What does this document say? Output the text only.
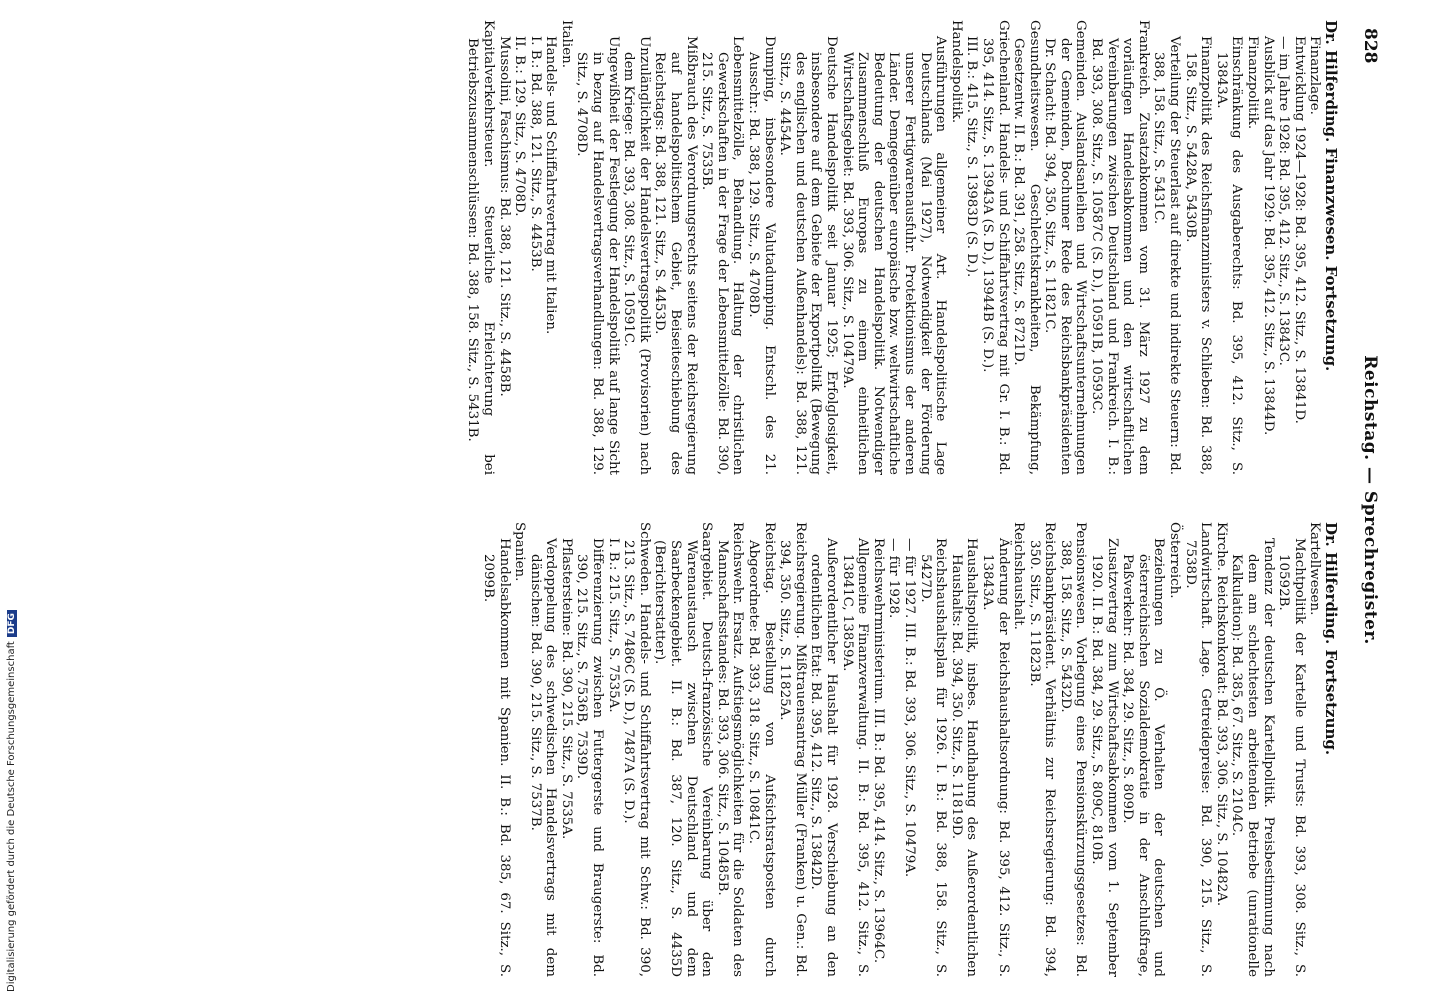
828
Reichstag. — Sprechregister.

Dr. Hilferding. Finanzwesen. Fortsetzung.

Finanzlage.

Entwicklung 1924—1928: Bd. 395, 412. Sitz., S. 13841D.

— im Jahre 1928: Bd. 395, 412. Sitz., S. 13843C.

Ausblick auf das Jahr 1929: Bd. 395, 412. Sitz., S. 13844D.

Finanzpolitik.

Einschränkung des Ausgaberechts: Bd. 395, 412. Sitz., S. 13843A.

Finanzpolitik des Reichsfinanzministers v. Schlieben: Bd. 388, 158. Sitz., S. 5428A, 5430B.

Verteilung der Steuerlast auf direkte und indirekte Steuern: Bd. 388, 158. Sitz., S. 5431C.

Frankreich. Zusatzabkommen vom 31. März 1927 zu dem vorläufigen Handelsabkommen und den wirtschaftlichen Vereinbarungen zwischen Deutschland und Frankreich. I. B.: Bd. 393, 308. Sitz., S. 10587C (S. D.), 10591B, 10593C.

Gemeinden. Auslandsanleihen und Wirtschaftsunternehmungen der Gemeinden, Bochumer Rede des Reichsbankpräsidenten Dr. Schacht: Bd. 394, 350. Sitz., S. 11821C.

Gesundheitswesen. Geschlechtskrankheiten, Bekämpfung, Gesetzentw. II. B.: Bd. 391, 258. Sitz., S. 8721D.

Griechenland. Handels- und Schiffahrtsvertrag mit Gr. I. B.: Bd. 395, 414. Sitz., S. 13943A (S. D.), 13944B (S. D.).

III. B.: 415. Sitz., S. 13983D (S. D.).

Handelspolitik.

Ausführungen allgemeiner Art. Handelspolitische Lage Deutschlands (Mai 1927), Notwendigkeit der Förderung unserer Fertigwarenausfuhr. Protektionismus der anderen Länder. Demgegenüber europäische bzw. weltwirtschaftliche Bedeutung der deutschen Handelspolitik. Notwendiger Zusammenschluß Europas zu einem einheitlichen Wirtschaftsgebiet: Bd. 393, 306. Sitz., S. 10479A.

Deutsche Handelspolitik seit Januar 1925; Erfolglosigkeit, insbesondere auf dem Gebiete der Exportpolitik (Bewegung des englischen und deutschen Außenhandels): Bd. 388, 121. Sitz., S. 4454A.

Dumping, insbesondere Valutadumping. Entschl. des 21. Ausschr.: Bd. 388, 129. Sitz., S. 4708D.

Lebensmittelzölle, Behandlung. Haltung der christlichen Gewerkschaften in der Frage der Lebensmittelzölle: Bd. 390, 215. Sitz., S. 7535B.

Mißbrauch des Verordnungsrechts seitens der Reichsregierung auf handelspolitischem Gebiet, Beiseiteschiebung des Reichstags: Bd. 388, 121. Sitz., S. 4453D.

Unzulänglichkeit der Handelsvertragspolitik (Provisorien) nach dem Kriege: Bd. 393, 308. Sitz., S. 10591C.

Ungewißheit der Festlegung der Handelspolitik auf lange Sicht in bezug auf Handelsvertragsverhandlungen: Bd. 388, 129. Sitz., S. 4708D.

Italien.

Handels- und Schiffahrtsvertrag mit Italien.

I. B.: Bd. 388, 121. Sitz., S. 4453B.

II. B.: 129. Sitz., S. 4708D.

Mussolini, Faschismus: Bd. 388, 121. Sitz., S. 4458B.

Kapitalverkehrsteuer. Steuerliche Erleichterung bei Betriebszusammenschlüssen: Bd. 388, 158. Sitz., S. 5431B.

Dr. Hilferding. Fortsetzung.

Kartellwesen.

Machtpolitik der Kartelle und Trusts: Bd. 393, 308. Sitz., S. 10592B.

Tendenz der deutschen Kartellpolitik. Preisbestimmung nach dem am schlechtesten arbeitenden Betriebe (unrationelle Kalkulation): Bd. 385, 67. Sitz., S. 2104C.

Kirche. Reichskonkordat: Bd. 393, 306. Sitz., S. 10482A.

Landwirtschaft. Lage. Getreidepreise: Bd. 390, 215. Sitz., S. 7538D.

Österreich.

Beziehungen zu Ö. Verhalten der deutschen und österreichischen Sozialdemokratie in der Anschlußfrage, Paßverkehr: Bd. 384, 29. Sitz., S. 809D.

Zusatzvertrag zum Wirtschaftsabkommen vom 1. September 1920. II. B.: Bd. 384, 29. Sitz., S. 809C, 810B.

Pensionswesen. Vorlegung eines Pensionskürzungsgesetzes: Bd. 388, 158. Sitz., S. 5432D.

Reichsbankpräsident. Verhältnis zur Reichsregierung: Bd. 394, 350. Sitz., S. 11823B.

Reichshaushalt.

Änderung der Reichshaushaltsordnung: Bd. 395, 412. Sitz., S. 13843A.

Haushaltspolitik, insbes. Handhabung des Außerordentlichen Haushalts: Bd. 394, 350. Sitz., S. 11819D.

Reichshaushaltsplan für 1926. I. B.: Bd. 388, 158. Sitz., S. 5427D.

— für 1927. III. B.: Bd. 393, 306. Sitz., S. 10479A.

— für 1928.

Reichswehrministerium. III. B.: Bd. 395, 414. Sitz., S. 13964C.

Allgemeine Finanzverwaltung. II. B.: Bd. 395, 412. Sitz., S. 13841C, 13859A.

Außerordentlicher Haushalt für 1928. Verschiebung an den ordentlichen Etat: Bd. 395, 412. Sitz., S. 13842D.

Reichsregierung. Mißtrauensantrag Müller (Franken) u. Gen.: Bd. 394, 350. Sitz., S. 11825A.

Reichstag. Bestellung von Aufsichtsratsposten durch Abgeordnete: Bd. 393, 318. Sitz., S. 10841C.

Reichswehr. Ersatz. Aufstiegsmöglichkeiten für die Soldaten des Mannschaftsstandes: Bd. 393, 306. Sitz., S. 10485B.

Saargebiet. Deutsch-französische Vereinbarung über den Warenaustausch zwischen Deutschland und dem Saarbeckengebiet. II. B.: Bd. 387, 120. Sitz., S. 4435D (Berichterstatter).

Schweden. Handels- und Schiffahrtsvertrag mit Schw.: Bd. 390, 213. Sitz., S. 7486C (S. D.), 7487A (S. D.).

I. B.: 215. Sitz., S. 7535A.

Differenzierung zwischen Futtergerste und Braugerste: Bd. 390, 215. Sitz., S. 7536B, 7539D.

Pflastersteine: Bd. 390, 215. Sitz., S. 7535A.

Verdoppelung des schwedischen Handelsvertrags mit dem dänischen: Bd. 390, 215. Sitz., S. 7537B.

Spanien.

Handelsabkommen mit Spanien. II. B.: Bd. 385, 67. Sitz., S. 2099B.

Digitalisierung gefördert durch die Deutsche ForschungsgemeinschaftDFG
